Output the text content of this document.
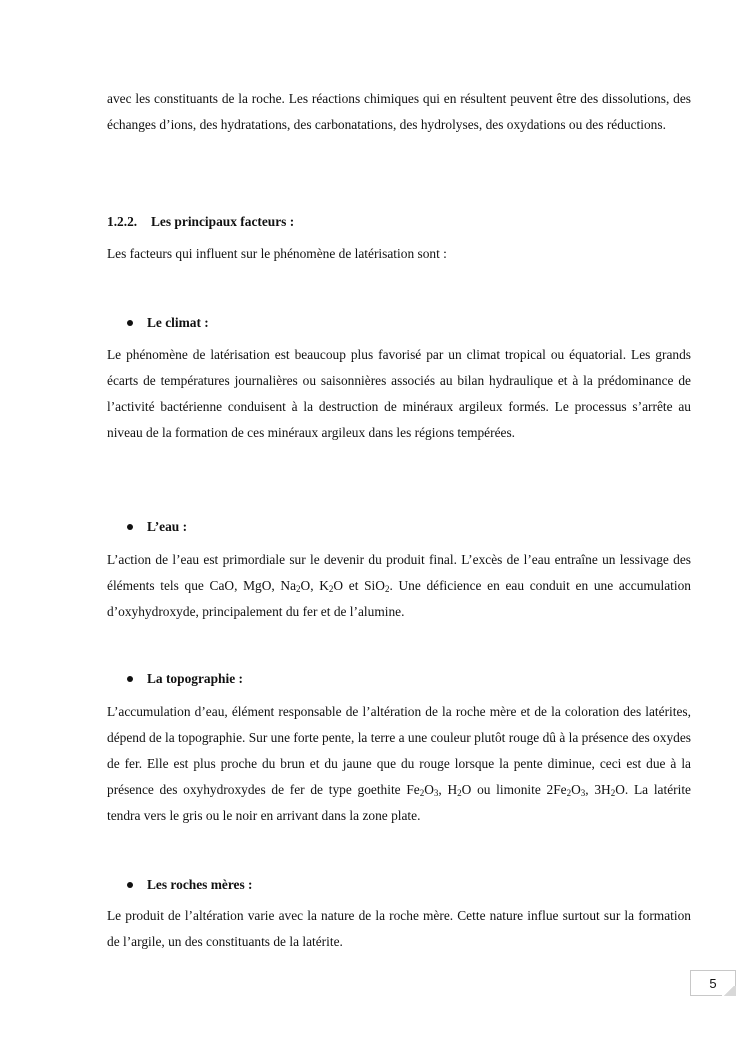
avec les constituants de la roche. Les réactions chimiques qui en résultent peuvent être des dissolutions, des échanges d’ions, des hydratations, des carbonatations, des hydrolyses, des oxydations ou des réductions.

1.2.2. Les principaux facteurs :

Les facteurs qui influent sur le phénomène de latérisation sont :

Le climat :

Le phénomène de latérisation est beaucoup plus favorisé par un climat tropical ou équatorial. Les grands écarts de températures journalières ou saisonnières associés au bilan hydraulique et à la prédominance de l’activité bactérienne conduisent à la destruction de minéraux argileux formés. Le processus s’arrête au niveau de la formation de ces minéraux argileux dans les régions tempérées.

L’eau :

L’action de l’eau est primordiale sur le devenir du produit final. L’excès de l’eau entraîne un lessivage des éléments tels que CaO, MgO, $Na_2O$, $K_2O$ et SiO$_2$. Une déficience en eau conduit en une accumulation d’oxyhydroxyde, principalement du fer et de l’alumine.

La topographie :

L’accumulation d’eau, élément responsable de l’altération de la roche mère et de la coloration des latérites, dépend de la topographie. Sur une forte pente, la terre a une couleur plutôt rouge dû à la présence des oxydes de fer. Elle est plus proche du brun et du jaune que du rouge lorsque la pente diminue, ceci est due à la présence des oxyhydroxydes de fer de type goethite $Fe_2O_3$, $H_2O$ ou limonite $2Fe_2O_3$, $3H_2O$. La latérite tendra vers le gris ou le noir en arrivant dans la zone plate.

Les roches mères :

Le produit de l’altération varie avec la nature de la roche mère. Cette nature influe surtout sur la formation de l’argile, un des constituants de la latérite.

5
